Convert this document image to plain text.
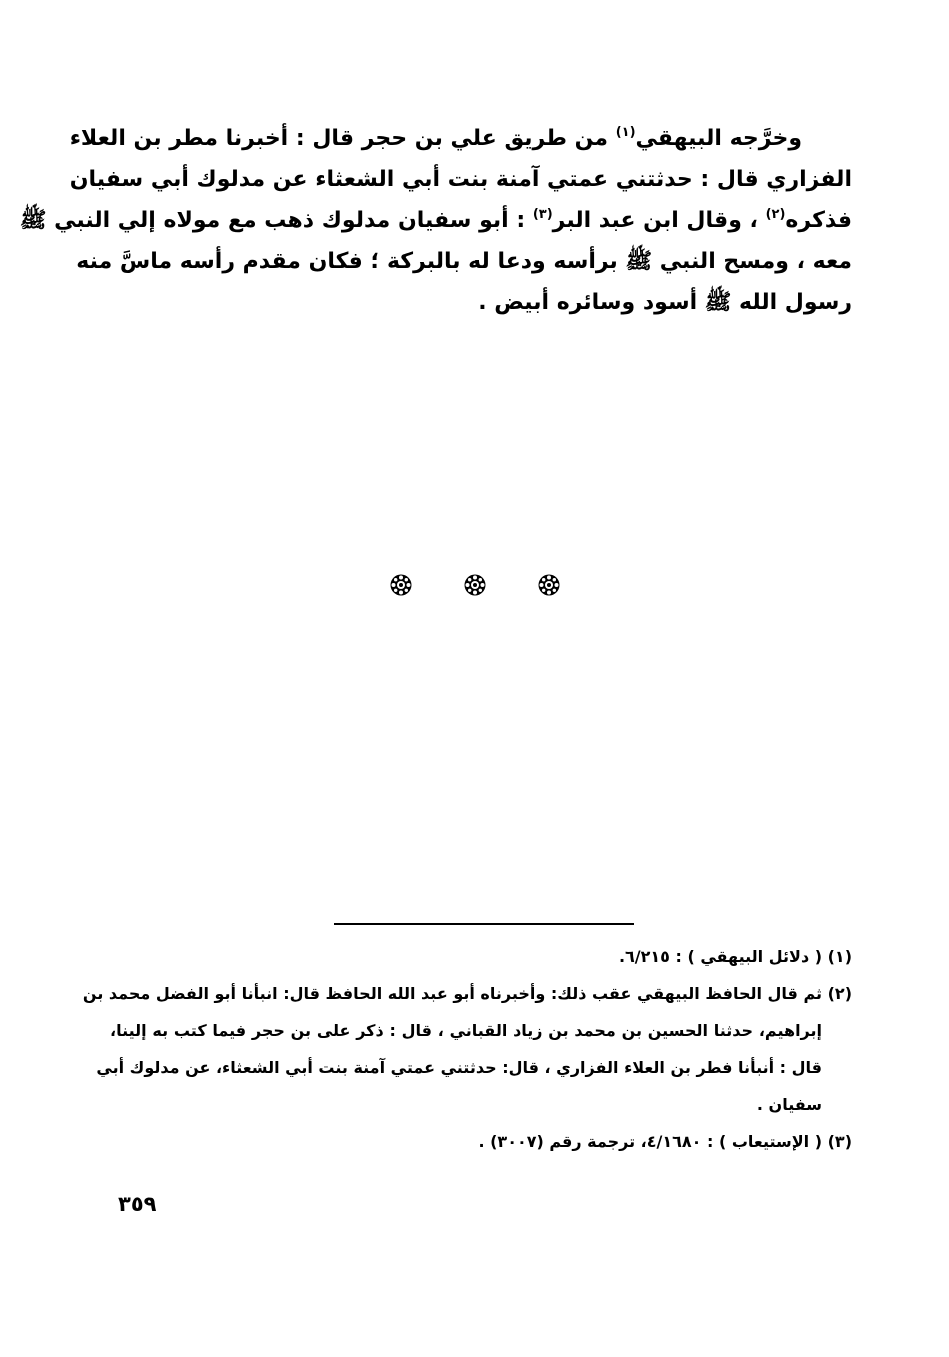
وخرَّجه البيهقي$^{(١)}$ من طريق علي بن حجر قال : أخبرنا مطر بن العلاء
الفزاري قال : حدثتني عمتي آمنة بنت أبي الشعثاء عن مدلوك أبي سفيان
فذكره$^{(٢)}$ ، وقال ابن عبد البر$^{(٣)}$ : أبو سفيان مدلوك ذهب مع مولاه إلي النبي ﷺ
معه ، ومسح النبي ﷺ برأسه ودعا له بالبركة ؛ فكان مقدم رأسه ماسَّ منه
رسول الله ﷺ أسود وسائره أبيض .
(١) ( دلائل البيهقي ) : ٦/٢١٥.
(٢) ثم قال الحافظ البيهقي عقب ذلك: وأخبرناه أبو عبد الله الحافظ قال: انبأنا أبو الفضل محمد بن
إبراهيم، حدثنا الحسين بن محمد بن زياد القباني ، قال : ذكر على بن حجر فيما كتب به إلينا،
قال : أنبأنا فطر بن العلاء الفزاري ، قال: حدثتني عمتي آمنة بنت أبي الشعثاء، عن مدلوك أبي
سفيان .
(٣) ( الإستيعاب ) : ٤/١٦٨٠، ترجمة رقم (٣٠٠٧) .
٣٥٩
